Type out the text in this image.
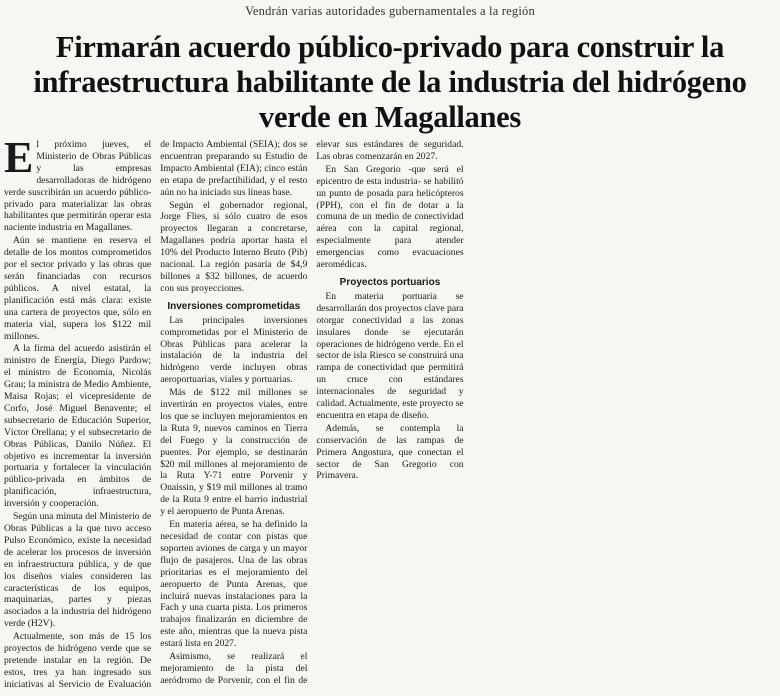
Vendrán varias autoridades gubernamentales a la región
Firmarán acuerdo público-privado para construir la infraestructura habilitante de la industria del hidrógeno verde en Magallanes

El próximo jueves, el Ministerio de Obras Públicas y las empresas desarrolladoras de hidrógeno verde suscribirán un acuerdo público-privado para materializar las obras habilitantes que permitirán operar esta naciente industria en Magallanes.

Aún se mantiene en reserva el detalle de los montos comprometidos por el sector privado y las obras que serán financiadas con recursos públicos. A nivel estatal, la planificación está más clara: existe una cartera de proyectos que, sólo en materia vial, supera los $122 mil millones.

A la firma del acuerdo asistirán el ministro de Energía, Diego Pardow; el ministro de Economía, Nicolás Grau; la ministra de Medio Ambiente, Maisa Rojas; el vicepresidente de Corfo, José Miguel Benavente; el subsecretario de Educación Superior, Víctor Orellana; y el subsecretario de Obras Públicas, Danilo Núñez. El objetivo es incrementar la inversión portuaria y fortalecer la vinculación público-privada en ámbitos de planificación, infraestructura, inversión y cooperación.

Según una minuta del Ministerio de Obras Públicas a la que tuvo acceso Pulso Económico, existe la necesidad de acelerar los procesos de inversión en infraestructura pública, y de que los diseños viales consideren las características de los equipos, maquinarias, partes y piezas asociados a la industria del hidrógeno verde (H2V).

Actualmente, son más de 15 los proyectos de hidrógeno verde que se pretende instalar en la región. De estos, tres ya han ingresado sus iniciativas al Servicio de Evaluación de Impacto Ambiental (SEIA); dos se encuentran preparando su Estudio de Impacto Ambiental (EIA); cinco están en etapa de prefactibilidad, y el resto aún no ha iniciado sus líneas base.

Según el gobernador regional, Jorge Flies, si sólo cuatro de esos proyectos llegaran a concretarse, Magallanes podría aportar hasta el 10% del Producto Interno Bruto (Pib) nacional. La región pasaría de $4,9 billones a $32 billones, de acuerdo con sus proyecciones.

Inversiones comprometidas

Las principales inversiones comprometidas por el Ministerio de Obras Públicas para acelerar la instalación de la industria del hidrógeno verde incluyen obras aeroportuarias, viales y portuarias.

Más de $122 mil millones se invertirán en proyectos viales, entre los que se incluyen mejoramientos en la Ruta 9, nuevos caminos en Tierra del Fuego y la construcción de puentes. Por ejemplo, se destinarán $20 mil millones al mejoramiento de la Ruta Y-71 entre Porvenir y Onaissin, y $19 mil millones al tramo de la Ruta 9 entre el barrio industrial y el aeropuerto de Punta Arenas.

En materia aérea, se ha definido la necesidad de contar con pistas que soporten aviones de carga y un mayor flujo de pasajeros. Una de las obras prioritarias es el mejoramiento del aeropuerto de Punta Arenas, que incluirá nuevas instalaciones para la Fach y una cuarta pista. Los primeros trabajos finalizarán en diciembre de este año, mientras que la nueva pista estará lista en 2027.

Asimismo, se realizará el mejoramiento de la pista del aeródromo de Porvenir, con el fin de elevar sus estándares de seguridad. Las obras comenzarán en 2027.

En San Gregorio -que será el epicentro de esta industria- se habilitó un punto de posada para helicópteros (PPH), con el fin de dotar a la comuna de un medio de conectividad aérea con la capital regional, especialmente para atender emergencias como evacuaciones aeromédicas.

Proyectos portuarios

En materia portuaria se desarrollarán dos proyectos clave para otorgar conectividad a las zonas insulares donde se ejecutarán operaciones de hidrógeno verde. En el sector de isla Riesco se construirá una rampa de conectividad que permitirá un cruce con estándares internacionales de seguridad y calidad. Actualmente, este proyecto se encuentra en etapa de diseño.

Además, se contempla la conservación de las rampas de Primera Angostura, que conectan el sector de San Gregorio con Primavera.
